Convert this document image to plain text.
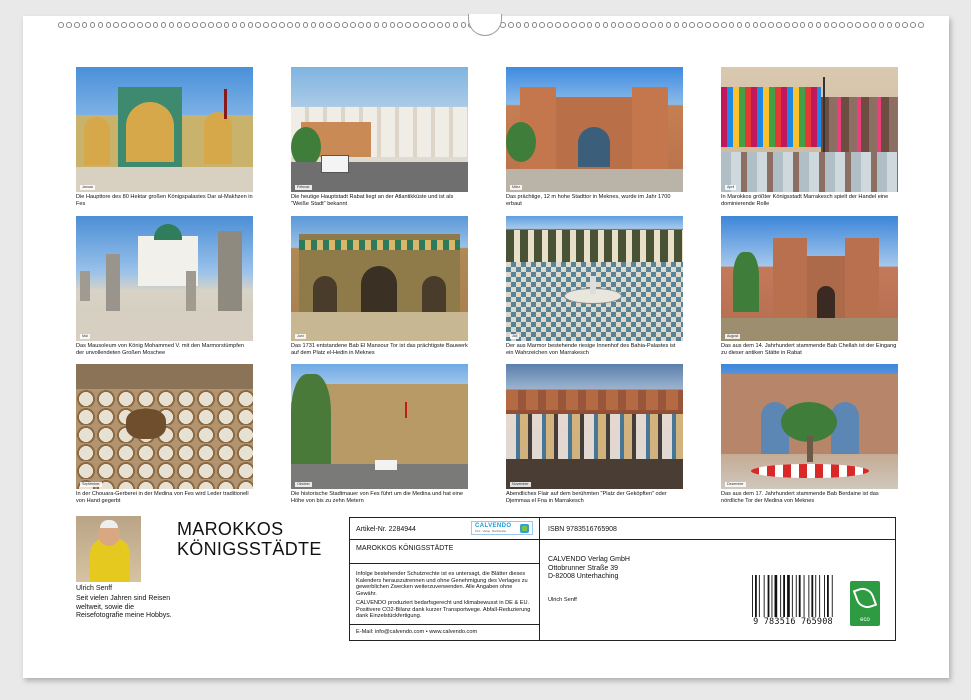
Januar
Die Haupttore des 80 Hektar großen Königspalastes Dar al-Makhzen in Fes
Februar
Die heutige Hauptstadt Rabat liegt an der Atlantikküste und ist als "Weiße Stadt" bekannt
März
Das prächtige, 12 m hohe Stadttor in Meknes, wurde im Jahr 1700 erbaut
April
In Marokkos größter Königsstadt Marrakesch spielt der Handel eine dominierende Rolle
Mai
Das Mausoleum von König Mohammed V. mit den Marmorstümpfen der unvollendeten Großen Moschee
Juni
Das 1731 entstandene Bab El Mansour Tor ist das prächtigste Bauwerk auf dem Platz el-Hedin in Meknes
Juli
Der aus Marmor bestehende riesige Innenhof des Bahia-Palastes ist ein Wahrzeichen von Marrakesch
August
Das aus dem 14. Jahrhundert stammende Bab Chellah ist der Eingang zu dieser antiken Stätte in Rabat
September
In der Chouara-Gerberei in der Medina von Fes wird Leder traditionell von Hand gegerbt
Oktober
Die historische Stadtmauer von Fes führt um die Medina und hat eine Höhe von bis zu zehn Metern
November
Abendliches Flair auf dem berühmten "Platz der Geköpften" oder Djemmaa el Fna in Marrakesch
Dezember
Das aus dem 17. Jahrhundert stammende Bab Berdaine ist das nördliche Tor der Medina von Meknes
Ulrich Senff
Seit vielen Jahren sind Reisen weltweit, sowie die Reisefotografie meine Hobbys.
MAROKKOS
KÖNIGSSTÄDTE
Artikel-Nr. 2284944	CALVENDO
Print · Verlag · Buchhandel
MAROKKOS KÖNIGSSTÄDTE
Infolge bestehender Schutzrechte ist es untersagt, die Blätter dieses Kalenders herauszutrennen und ohne Genehmigung des Verlages zu gewerblichen Zwecken weiterzuverwenden. Alle Angaben ohne Gewähr.
CALVENDO produziert bedarfsgerecht und klimabewusst in DE & EU. Positivere CO2-Bilanz dank kurzer Transportwege. Abfall-Reduzierung dank Einzelstückfertigung.
E-Mail: info@calvendo.com • www.calvendo.com
ISBN 9783516765908
CALVENDO Verlag GmbH
Ottobrunner Straße 39
D-82008 Unterhaching
Ulrich Senff
9 783516 765908	eco
